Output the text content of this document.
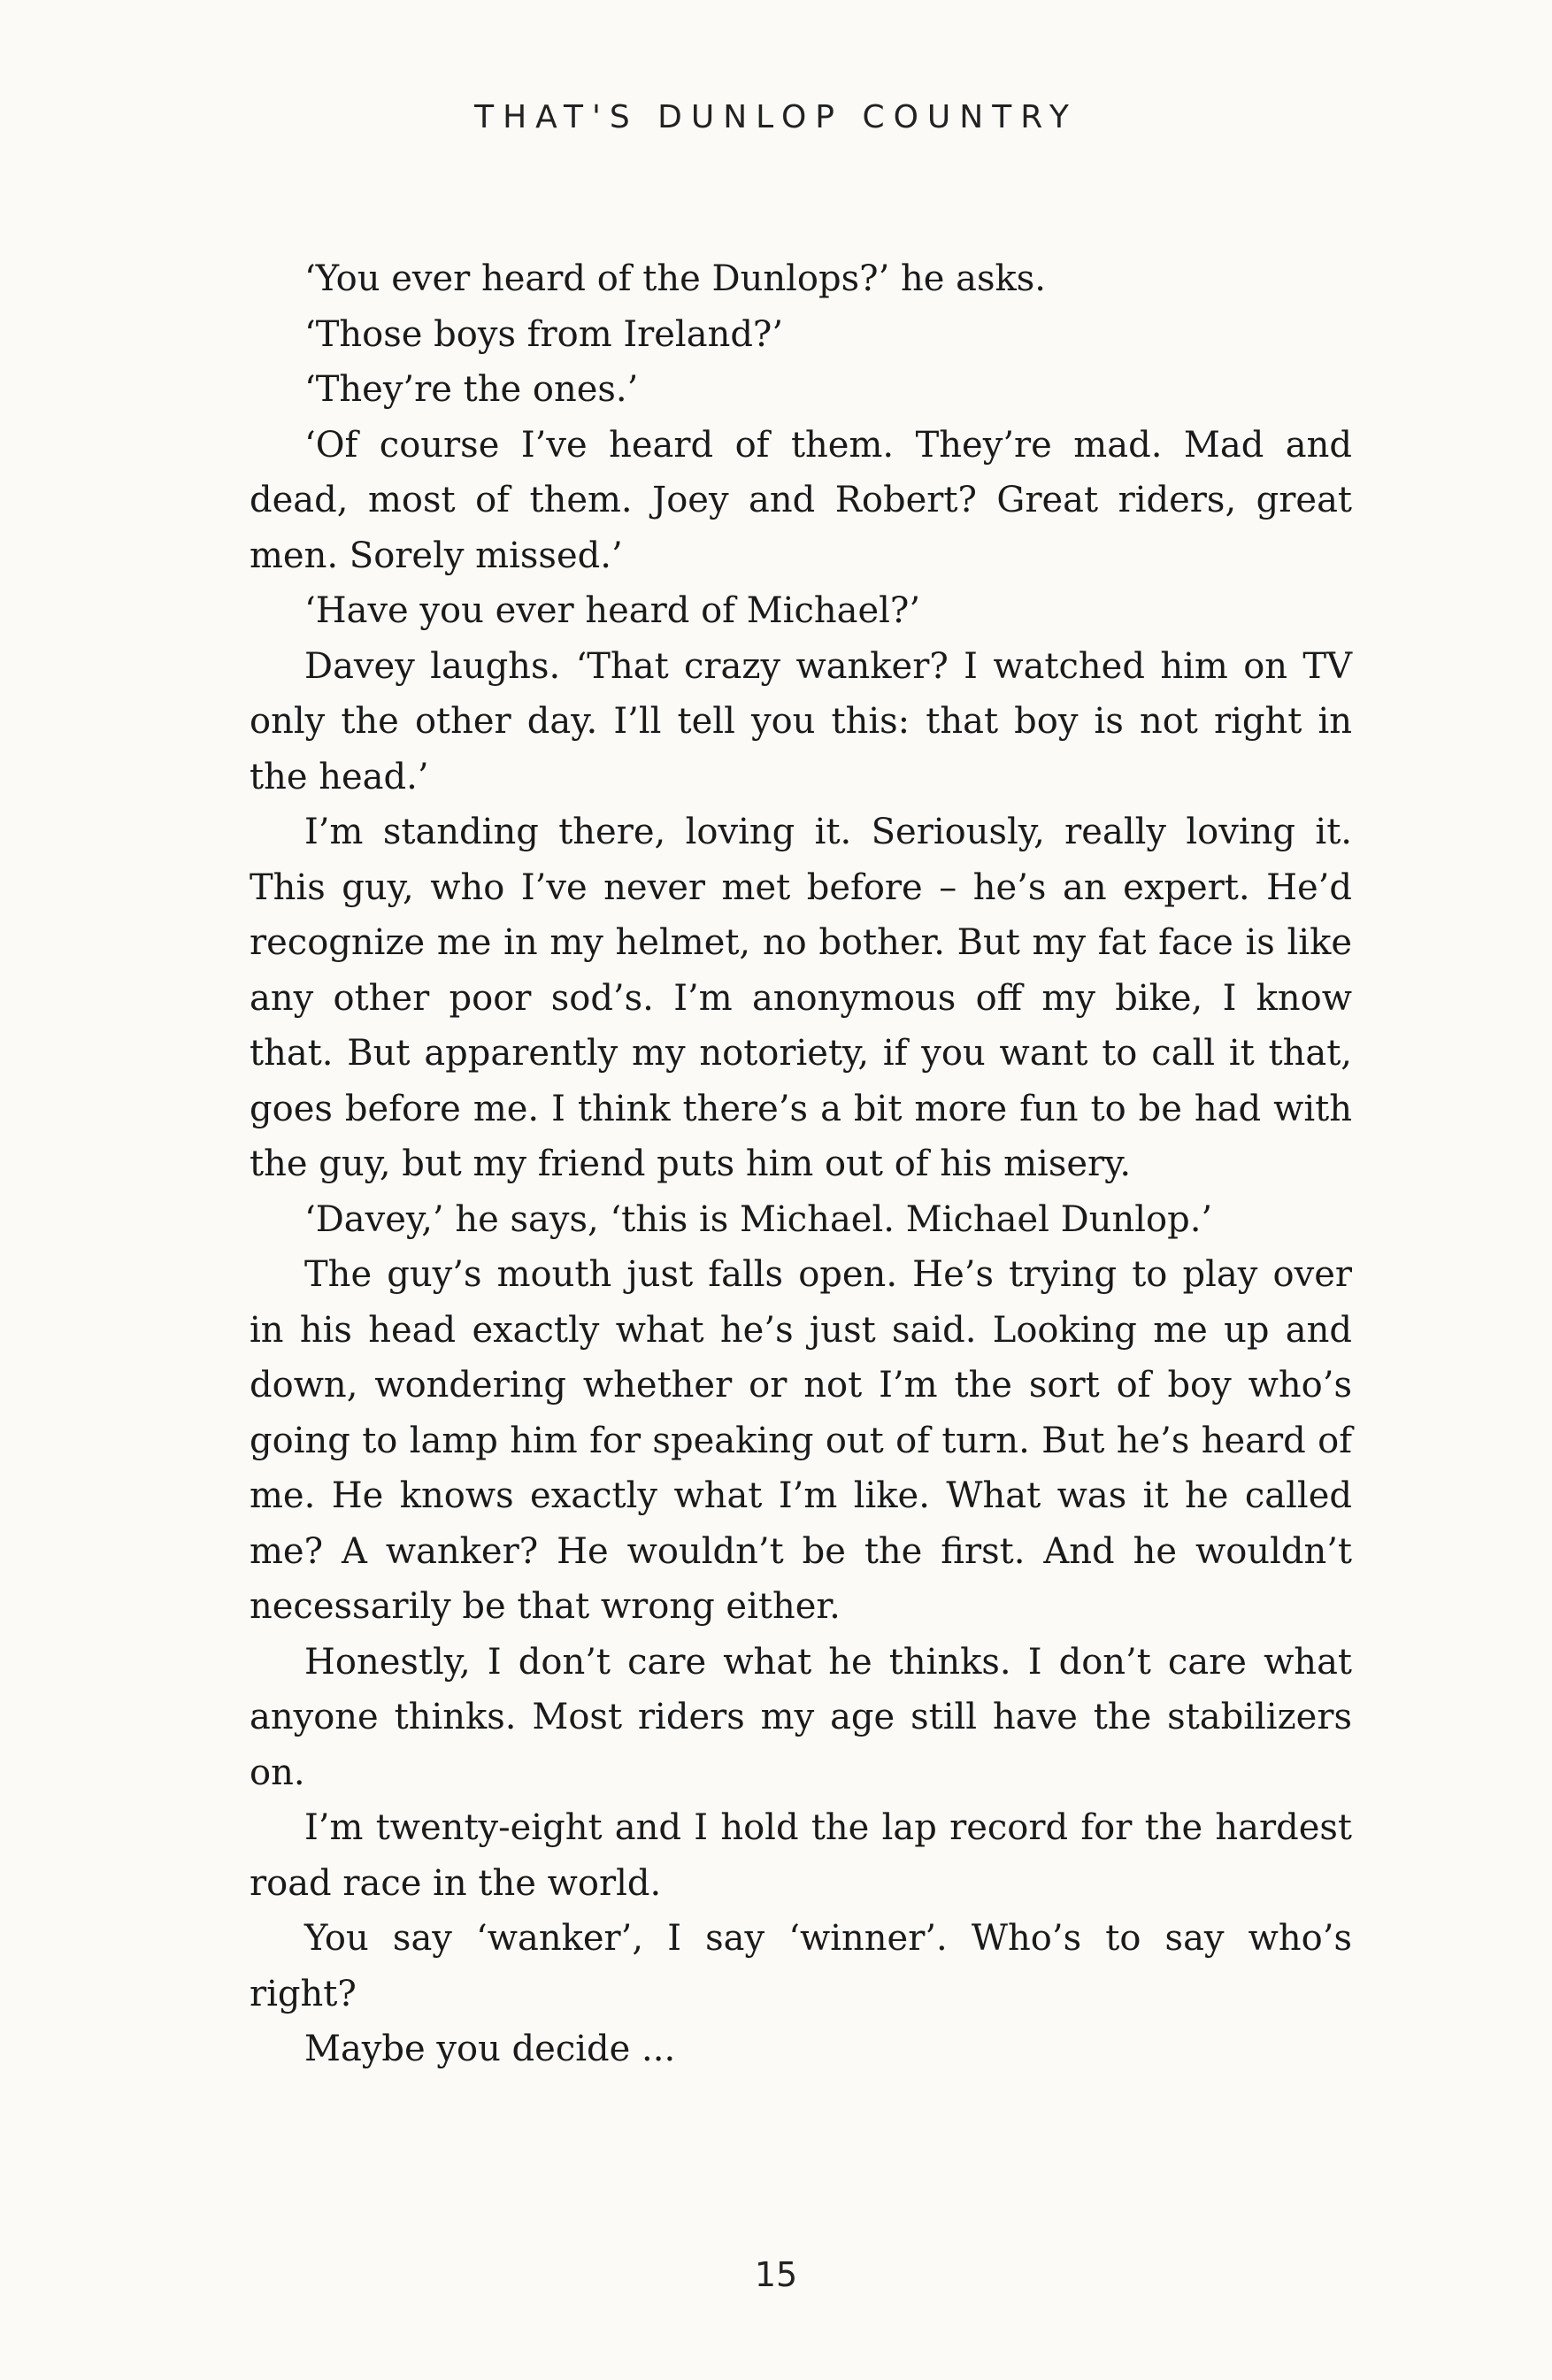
THAT'S DUNLOP COUNTRY

‘You ever heard of the Dunlops?’ he asks.

‘Those boys from Ireland?’

‘They’re the ones.’

‘Of course I’ve heard of them. They’re mad. Mad and dead, most of them. Joey and Robert? Great riders, great men. Sorely missed.’

‘Have you ever heard of Michael?’

Davey laughs. ‘That crazy wanker? I watched him on TV only the other day. I’ll tell you this: that boy is not right in the head.’

I’m standing there, loving it. Seriously, really loving it. This guy, who I’ve never met before – he’s an expert. He’d recognize me in my helmet, no bother. But my fat face is like any other poor sod’s. I’m anonymous off my bike, I know that. But apparently my notoriety, if you want to call it that, goes before me. I think there’s a bit more fun to be had with the guy, but my friend puts him out of his misery.

‘Davey,’ he says, ‘this is Michael. Michael Dunlop.’

The guy’s mouth just falls open. He’s trying to play over in his head exactly what he’s just said. Looking me up and down, wondering whether or not I’m the sort of boy who’s going to lamp him for speaking out of turn. But he’s heard of me. He knows exactly what I’m like. What was it he called me? A wanker? He wouldn’t be the first. And he wouldn’t necessarily be that wrong either.

Honestly, I don’t care what he thinks. I don’t care what anyone thinks. Most riders my age still have the stabilizers on.

I’m twenty-eight and I hold the lap record for the hardest road race in the world.

You say ‘wanker’, I say ‘winner’. Who’s to say who’s right?

Maybe you decide ...

15
